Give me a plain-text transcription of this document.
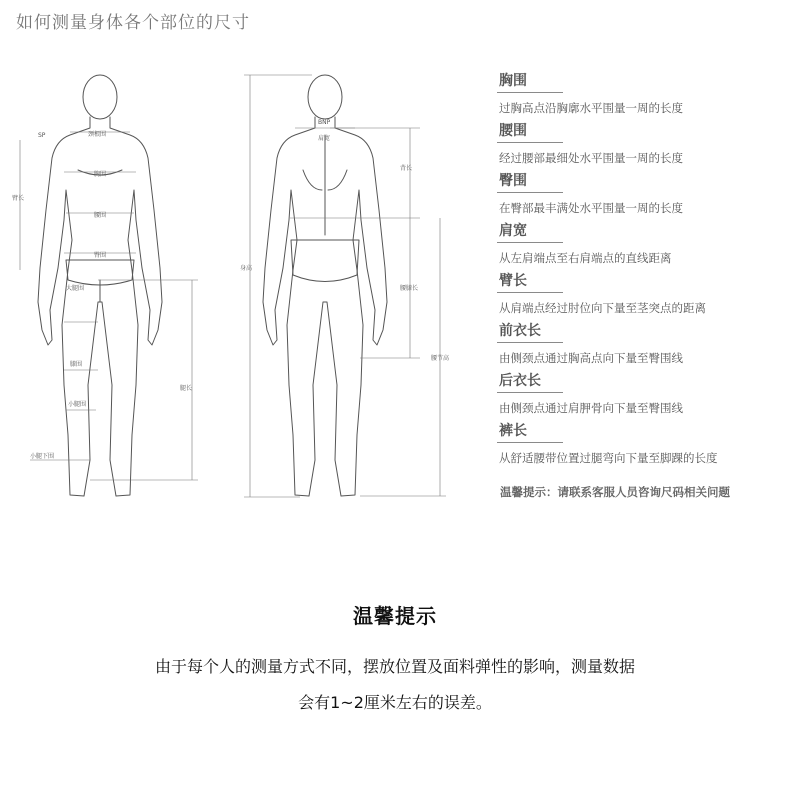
如何测量身体各个部位的尺寸
SP	颈根围
胸围
腰围
臀围
臂长
大腿围
膝围
小腿围
腿长
小腿下围
BNP
肩宽
背长
身高
腰膝长
腰节高
胸围
过胸高点沿胸廓水平围量一周的长度
腰围
经过腰部最细处水平围量一周的长度
臀围
在臀部最丰满处水平围量一周的长度
肩宽
从左肩端点至右肩端点的直线距离
臂长
从肩端点经过肘位向下量至茎突点的距离
前衣长
由侧颈点通过胸高点向下量至臀围线
后衣长
由侧颈点通过肩胛骨向下量至臀围线
裤长
从舒适腰带位置过腿弯向下量至脚踝的长度
温馨提示：请联系客服人员咨询尺码相关问题
温馨提示
由于每个人的测量方式不同，摆放位置及面料弹性的影响，测量数据
会有1~2厘米左右的误差。
